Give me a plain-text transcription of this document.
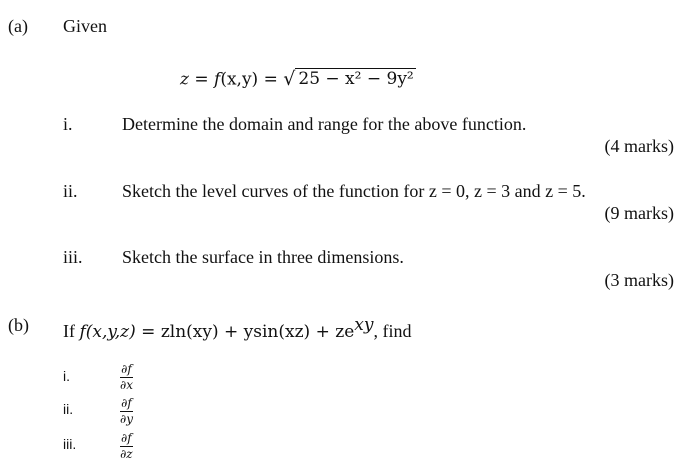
(a) Given
z = f(x,y) = √ 25 − x² − 9y²
i.	Determine the domain and range for the above function.
(4 marks)
ii. Sketch the level curves of the function for z = 0, z = 3 and z = 5.
(9 marks)
iii. Sketch the surface in three dimensions.
(3 marks)
(b) If $f(x,y,z) = zln(xy) + ysin(xz) + ze^{xy}$, find
i.	$\frac{\partial f}{\partial x}$
ii.	$\frac{\partial f}{\partial y}$
iii.	$\frac{\partial f}{\partial z}$
